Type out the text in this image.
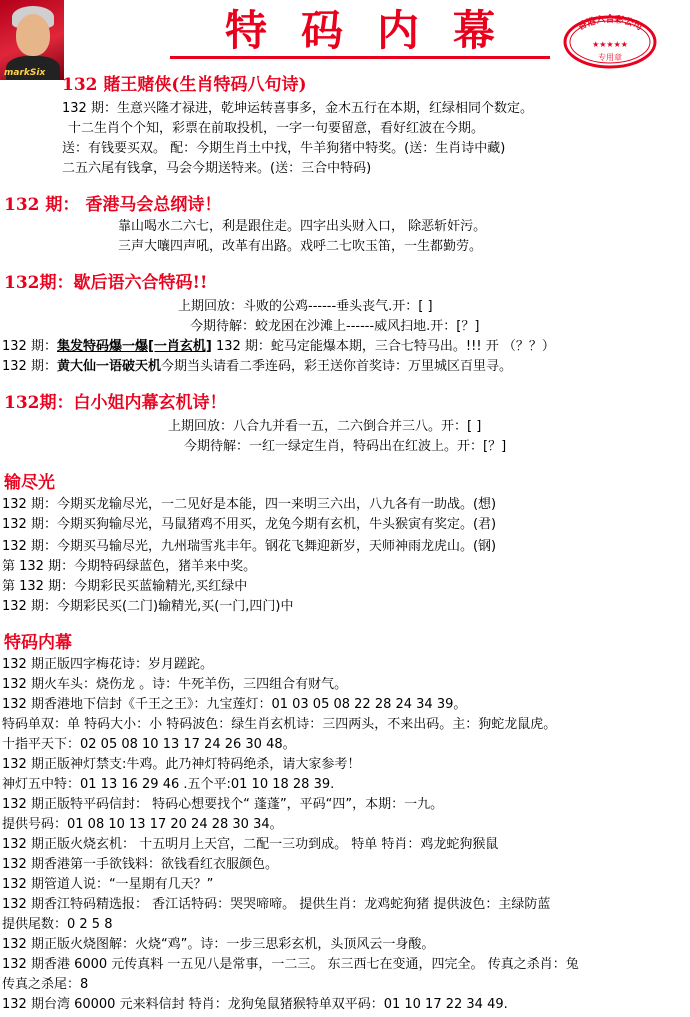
markSix
特码内幕	香港六合彩公司
★★★★★
专用章
132 賭王赌侠(生肖特码八句诗)
132 期：生意兴隆才禄进，乾坤运转喜事多，金木五行在本期，红绿相同个数定。
十二生肖个个知，彩票在前取投机，一字一句要留意，看好红波在今期。
送：有钱要买双。 配：今期生肖土中找，牛羊狗猪中特奖。(送：生肖诗中藏)
二五六尾有钱拿，马会今期送特来。(送：三合中特码)
132 期： 香港马会总纲诗！
靠山喝水二六七，利是跟住走。四字出头财入口， 除恶斩奸污。
三声大嚷四声吼，改革有出路。戏呼二七吹玉笛，一生都勤劳。
132期：歇后语六合特码!!
上期回放：斗败的公鸡------垂头丧气.开：[ ]
今期待解：蛟龙困在沙滩上------威风扫地.开：[？]
132 期：集发特码爆一爆[一肖玄机] 132 期：蛇马定能爆本期，三合七特马出。!!! 开 （？？）
132 期：黄大仙一语破天机今期当头请看二季连码，彩王送你首奖诗：万里城区百里寻。
132期：白小姐内幕玄机诗！
上期回放：八合九并看一五，二六倒合并三八。开：[ ]
今期待解：一红一绿定生肖，特码出在红波上。开：[？]
输尽光
132 期：今期买龙输尽光，一二见好是本能，四一来明三六出，八九各有一助战。(想)
132 期：今期买狗输尽光，马鼠猪鸡不用买，龙兔今期有玄机，牛头猴寅有奖定。(君)
132 期：今期买马输尽光，九州瑞雪兆丰年。钢花飞舞迎新岁，天师神雨龙虎山。(钢)
第 132 期：今期特码绿蓝色，猪羊来中奖。
第 132 期：今期彩民买蓝输精光,买红绿中
132 期：今期彩民买(二门)输精光,买(一门,四门)中
特码内幕
132 期正版四字梅花诗：岁月蹉跎。
132 期火车头：烧伤龙 。诗：牛死羊伤，三四组合有财气。
132 期香港地下信封《千王之王》：九宝莲灯：01 03 05 08 22 28 24 34 39。
特码单双：单 特码大小：小 特码波色：绿生肖玄机诗：三四两头，不来出码。主：狗蛇龙鼠虎。
十指平天下：02 05 08 10 13 17 24 26 30 48。
132 期正版神灯禁支:牛鸡。此乃神灯特码绝杀，请大家参考！
神灯五中特：01 13 16 29 46 .五个平:01 10 18 28 39.
132 期正版特平码信封： 特码心想要找个“ 蓬蓬”，平码“四”，本期：一九。
提供号码：01 08 10 13 17 20 24 28 30 34。
132 期正版火烧玄机： 十五明月上天宫，二配一三功到成。 特单 特肖：鸡龙蛇狗猴鼠
132 期香港第一手欲钱料：欲钱看红衣服颜色。
132 期管道人说：“一星期有几天？”
132 期香江特码精选报： 香江话特码：哭哭啼啼。 提供生肖：龙鸡蛇狗猪 提供波色：主绿防蓝
提供尾数：0 2 5 8
132 期正版火烧图解：火烧“鸡”。诗：一步三思彩玄机，头顶风云一身酸。
132 期香港 6000 元传真料 一五见八是常事，一二三。 东三西七在变通，四完全。 传真之杀肖：兔
传真之杀尾：8
132 期台湾 60000 元来料信封 特肖：龙狗兔鼠猪猴特单双平码：01 10 17 22 34 49.
